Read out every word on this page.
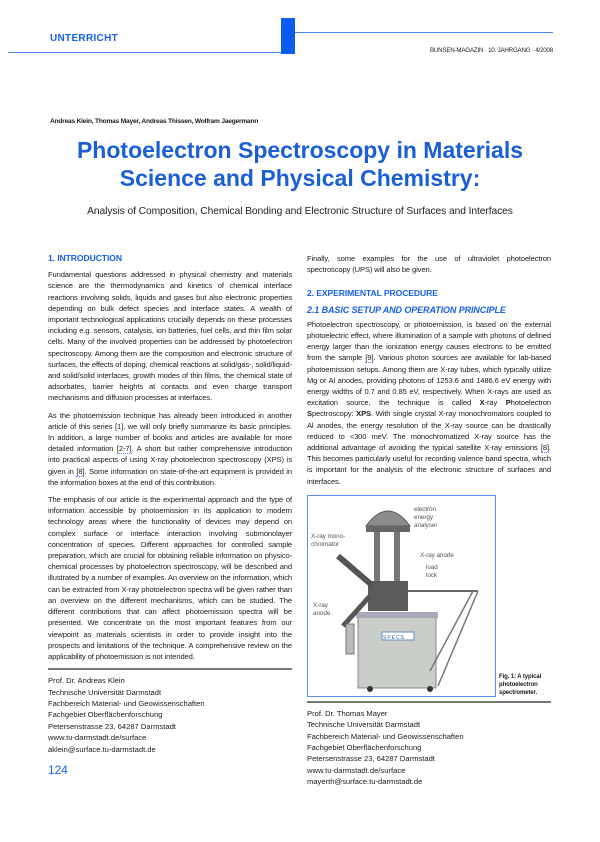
UNTERRICHT
BUNSEN-MAGAZIN · 10. JAHRGANG · 4/2008
Andreas Klein, Thomas Mayer, Andreas Thissen, Wolfram Jaegermann
Photoelectron Spectroscopy in Materials
Science and Physical Chemistry:
Analysis of Composition, Chemical Bonding and Electronic Structure of Surfaces and Interfaces
1. INTRODUCTION

Fundamental questions addressed in physical chemistry and materials science are the thermodynamics and kinetics of chemical interface reactions involving solids, liquids and gases but also electronic properties depending on bulk defect species and interface states. A wealth of important technological applications crucially depends on these processes including e.g. sensors, catalysis, ion batteries, fuel cells, and thin film solar cells. Many of the involved properties can be addressed by photoelectron spectroscopy. Among them are the composition and electronic structure of surfaces, the effects of doping, chemical reactions at solid/gas-, solid/liquid- and solid/solid interfaces, growth modes of thin films, the chemical state of adsorbates, barrier heights at contacts and even charge transport mechanisms and diffusion processes at interfaces.

As the photoemission technique has already been introduced in another article of this series [1], we will only briefly summarize its basic principles. In addition, a large number of books and articles are available for more detailed information [2-7]. A short but rather comprehensive introduction into practical aspects of using X-ray photoelectron spectroscopy (XPS) is given in [8]. Some information on state-of-the-art equipment is provided in the information boxes at the end of this contribution.

The emphasis of our article is the experimental approach and the type of information accessible by photoemission in its application to modern technology areas where the functionality of devices may depend on complex surface or interface interaction involving submonolayer concentration of species. Different approaches for controlled sample preparation, which are crucial for obtaining reliable information on physico-chemical processes by photoelectron spectroscopy, will be described and illustrated by a number of examples. An overview on the information, which can be extracted from X-ray photoelectron spectra will be given rather than an overview on the different mechanisms, which can be studied. The different contributions that can affect photoemission spectra will be presented. We concentrate on the most important features from our viewpoint as materials scientists in order to provide insight into the prospects and limitations of the technique. A comprehensive review on the applicability of photoemission is not intended.

Prof. Dr. Andreas Klein
Technische Universität Darmstadt
Fachbereich Material- und Geowissenschaften
Fachgebiet Oberflächenforschung
Petersenstrasse 23, 64287 Darmstadt
www.tu-darmstadt.de/surface
aklein@surface.tu-darmstadt.de
124

Finally, some examples for the use of ultraviolet photoelectron spectroscopy (UPS) will also be given.

2. EXPERIMENTAL PROCEDURE
2.1 BASIC SETUP AND OPERATION PRINCIPLE

Photoelectron spectroscopy, or photoemission, is based on the external photoelectric effect, where illumination of a sample with photons of defined energy larger than the ionization energy causes electrons to be emitted from the sample [9]. Various photon sources are available for lab-based photoemission setups. Among them are X-ray tubes, which typically utilize Mg or Al anodes, providing photons of 1253.6 and 1486.6 eV energy with energy widths of 0.7 and 0.85 eV, respectively. When X-rays are used as excitation source, the technique is called X-ray Photoelectron Spectroscopy: XPS. With single crystal X-ray monochromators coupled to Al anodes, the energy resolution of the X-ray source can be drastically reduced to <300 meV. The monochromatized X-ray source has the additional advantage of avoiding the typical satellite X-ray emissions [8]. This becomes particularly useful for recording valence band spectra, which is important for the analysis of the electronic structure of surfaces and interfaces.

SPECS
electron energy analyser
X-ray mono-chromator
X-ray anode
load lock
X-ray anode
Fig. 1: A typical photoelectron spectrometer.
Prof. Dr. Thomas Mayer
Technische Universität Darmstadt
Fachbereich Material- und Geowissenschaften
Fachgebiet Oberflächenforschung
Petersenstrasse 23, 64287 Darmstadt
www.tu-darmstadt.de/surface
mayerth@surface.tu-darmstadt.de
